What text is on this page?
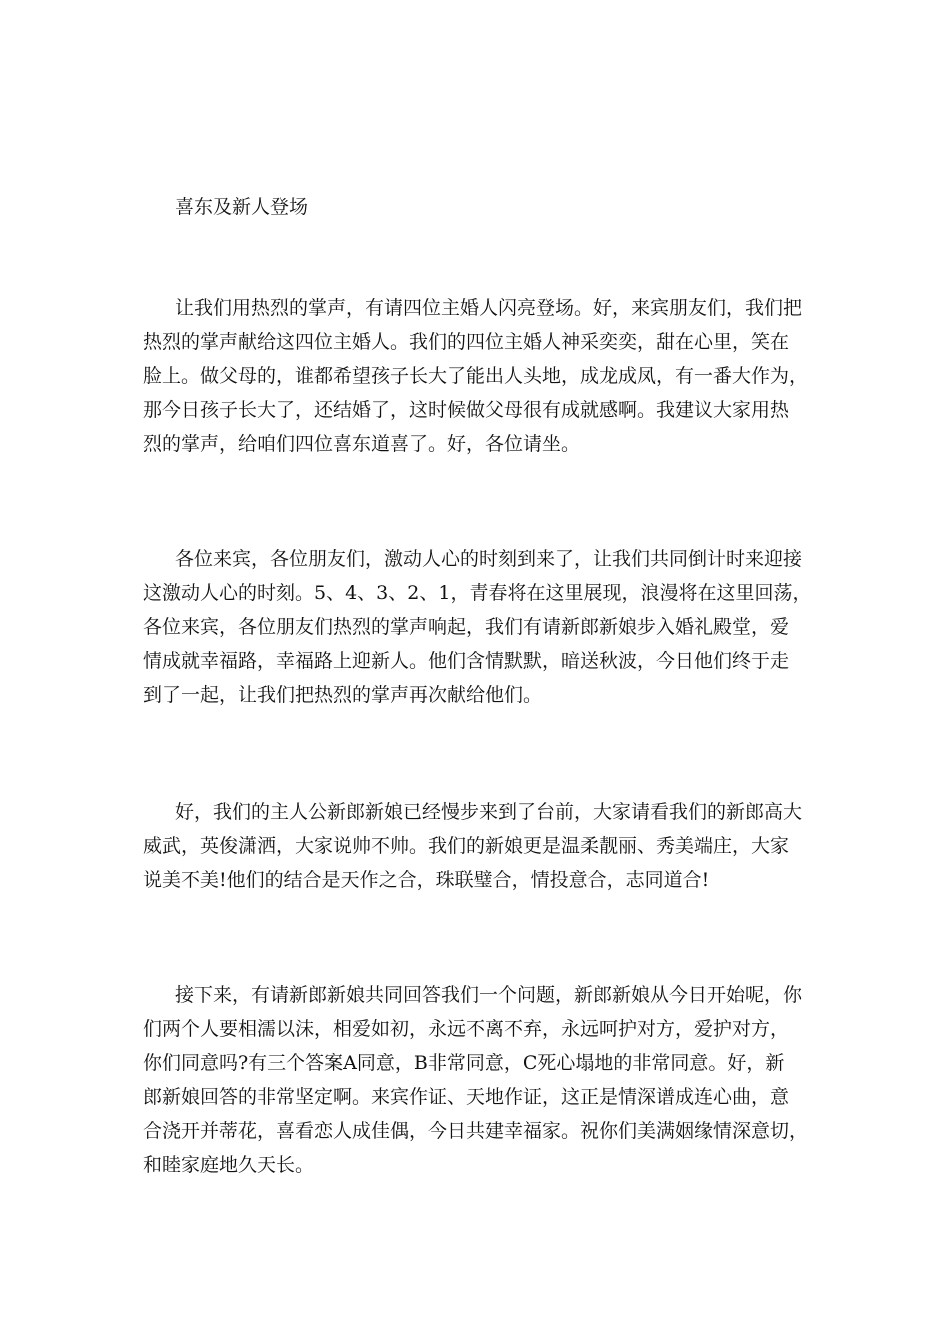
喜东及新人登场

让我们用热烈的掌声，有请四位主婚人闪亮登场。好，来宾朋友们，我们把

热烈的掌声献给这四位主婚人。我们的四位主婚人神采奕奕，甜在心里，笑在

脸上。做父母的，谁都希望孩子长大了能出人头地，成龙成凤，有一番大作为，

那今日孩子长大了，还结婚了，这时候做父母很有成就感啊。我建议大家用热

烈的掌声，给咱们四位喜东道喜了。好，各位请坐。

各位来宾，各位朋友们，激动人心的时刻到来了，让我们共同倒计时来迎接

这激动人心的时刻。5、4、3、2、1，青春将在这里展现，浪漫将在这里回荡，

各位来宾，各位朋友们热烈的掌声响起，我们有请新郎新娘步入婚礼殿堂，爱

情成就幸福路，幸福路上迎新人。他们含情默默，暗送秋波，今日他们终于走

到了一起，让我们把热烈的掌声再次献给他们。

好，我们的主人公新郎新娘已经慢步来到了台前，大家请看我们的新郎高大

威武，英俊潇洒，大家说帅不帅。我们的新娘更是温柔靓丽、秀美端庄，大家

说美不美!他们的结合是天作之合，珠联璧合，情投意合，志同道合!

接下来，有请新郎新娘共同回答我们一个问题，新郎新娘从今日开始呢，你

们两个人要相濡以沫，相爱如初，永远不离不弃，永远呵护对方，爱护对方，

你们同意吗?有三个答案A同意，B非常同意，C死心塌地的非常同意。好，新

郎新娘回答的非常坚定啊。来宾作证、天地作证，这正是情深谱成连心曲，意

合浇开并蒂花，喜看恋人成佳偶，今日共建幸福家。祝你们美满姻缘情深意切，

和睦家庭地久天长。
